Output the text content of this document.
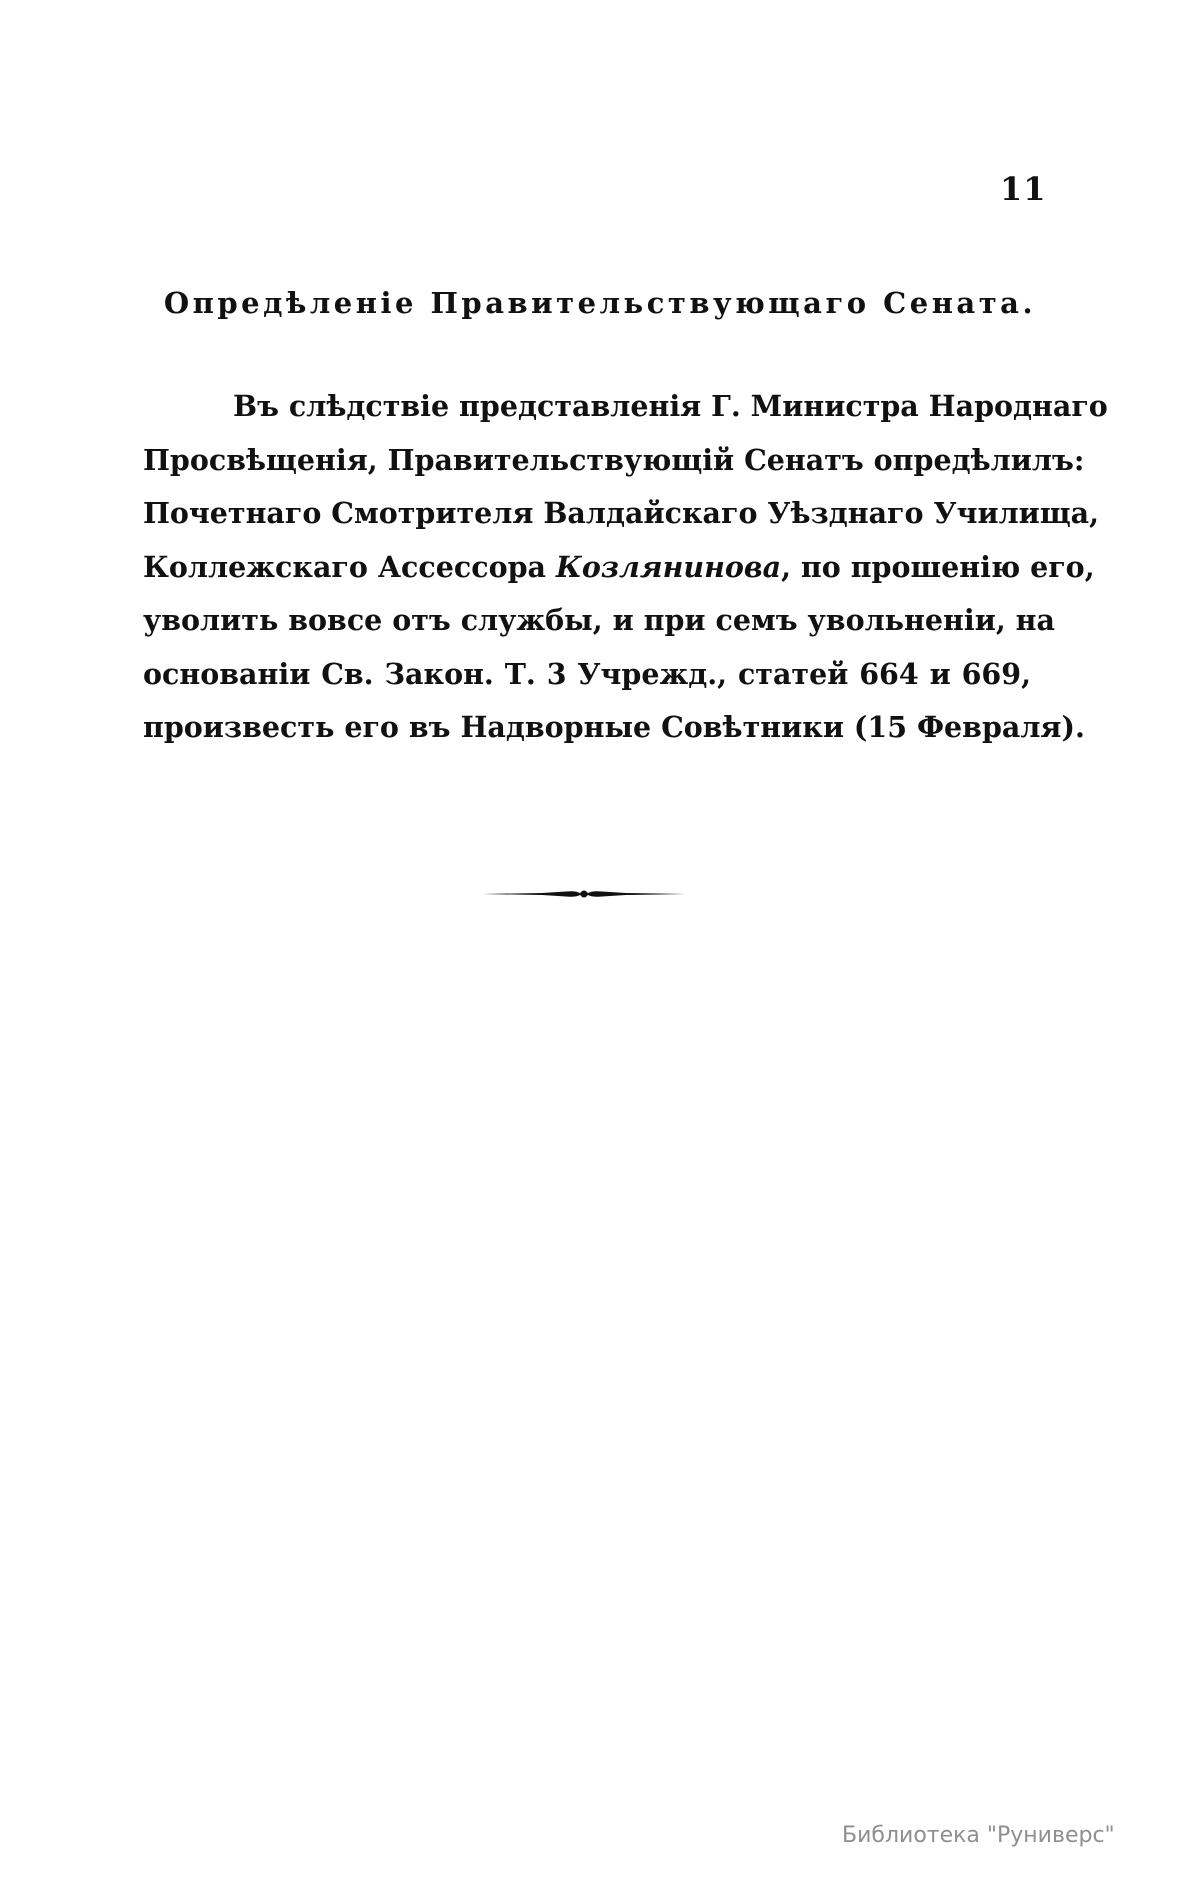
11
Опредѣленіе Правительствующаго Сената.
Въ слѣдствіе представленія Г. Министра Народнаго
Просвѣщенія, Правительствующій Сенатъ опредѣлилъ:
Почетнаго Смотрителя Валдайскаго Уѣзднаго Училища,
Коллежскаго Ассессора Козлянинова, по прошенію его,
уволить вовсе отъ службы, и при семъ увольненіи, на
основаніи Св. Закон. Т. 3 Учрежд., статей 664 и 669,
произвесть его въ Надворные Совѣтники (15 Февраля).
Библиотека "Руниверс"
